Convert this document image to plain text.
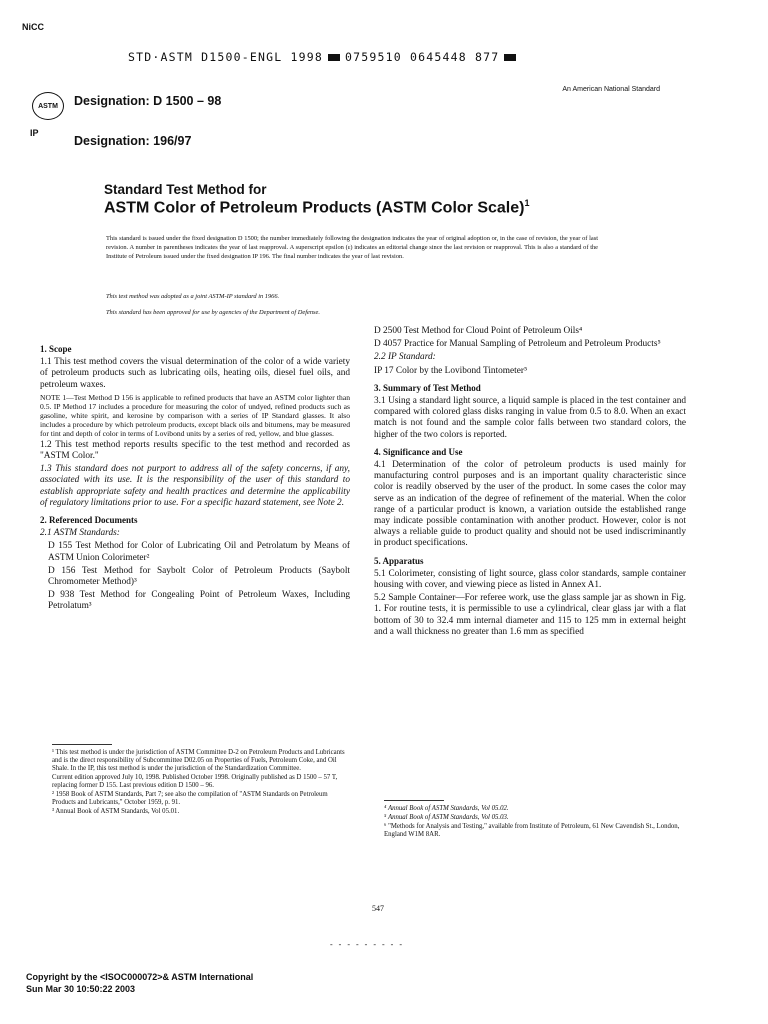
NiCC
STD·ASTM D1500-ENGL 1998 0759510 0645448 877
An American National Standard
ASTM	Designation: D 1500 – 98
IP
Designation: 196/97
Standard Test Method for
ASTM Color of Petroleum Products (ASTM Color Scale)$^1$
This standard is issued under the fixed designation D 1500; the number immediately following the designation indicates the year of original adoption or, in the case of revision, the year of last revision. A number in parentheses indicates the year of last reapproval. A superscript epsilon (ε) indicates an editorial change since the last revision or reapproval. This is also a standard of the Institute of Petroleum issued under the fixed designation IP 196. The final number indicates the year of last revision.
This test method was adopted as a joint ASTM-IP standard in 1966.
This standard has been approved for use by agencies of the Department of Defense.
1. Scope

1.1 This test method covers the visual determination of the color of a wide variety of petroleum products such as lubricating oils, heating oils, diesel fuel oils, and petroleum waxes.

NOTE 1—Test Method D 156 is applicable to refined products that have an ASTM color lighter than 0.5. IP Method 17 includes a procedure for measuring the color of undyed, refined products such as gasoline, white spirit, and kerosine by comparison with a series of IP Standard glasses. It also includes a procedure by which petroleum products, except black oils and bitumens, may be measured for tint and depth of color in terms of Lovibond units by a series of red, yellow, and blue glasses.

1.2 This test method reports results specific to the test method and recorded as "ASTM Color."

1.3 This standard does not purport to address all of the safety concerns, if any, associated with its use. It is the responsibility of the user of this standard to establish appropriate safety and health practices and determine the applicability of regulatory limitations prior to use. For a specific hazard statement, see Note 2.

2. Referenced Documents

2.1 ASTM Standards:

D 155 Test Method for Color of Lubricating Oil and Petrolatum by Means of ASTM Union Colorimeter²

D 156 Test Method for Saybolt Color of Petroleum Products (Saybolt Chromometer Method)³

D 938 Test Method for Congealing Point of Petroleum Waxes, Including Petrolatum³

¹ This test method is under the jurisdiction of ASTM Committee D-2 on Petroleum Products and Lubricants and is the direct responsibility of Subcommittee D02.05 on Properties of Fuels, Petroleum Coke, and Oil Shale. In the IP, this test method is under the jurisdiction of the Standardization Committee.

Current edition approved July 10, 1998. Published October 1998. Originally published as D 1500 – 57 T, replacing former D 155. Last previous edition D 1500 – 96.

² 1958 Book of ASTM Standards, Part 7; see also the compilation of "ASTM Standards on Petroleum Products and Lubricants," October 1959, p. 91.

³ Annual Book of ASTM Standards, Vol 05.01.

D 2500 Test Method for Cloud Point of Petroleum Oils⁴

D 4057 Practice for Manual Sampling of Petroleum and Petroleum Products⁵

2.2 IP Standard:

IP 17 Color by the Lovibond Tintometer⁵

3. Summary of Test Method

3.1 Using a standard light source, a liquid sample is placed in the test container and compared with colored glass disks ranging in value from 0.5 to 8.0. When an exact match is not found and the sample color falls between two standard colors, the higher of the two colors is reported.

4. Significance and Use

4.1 Determination of the color of petroleum products is used mainly for manufacturing control purposes and is an important quality characteristic since color is readily observed by the user of the product. In some cases the color may serve as an indication of the degree of refinement of the material. When the color range of a particular product is known, a variation outside the established range may indicate possible contamination with another product. However, color is not always a reliable guide to product quality and should not be used indiscriminantly in product specifications.

5. Apparatus

5.1 Colorimeter, consisting of light source, glass color standards, sample container housing with cover, and viewing piece as listed in Annex A1.

5.2 Sample Container—For referee work, use the glass sample jar as shown in Fig. 1. For routine tests, it is permissible to use a cylindrical, clear glass jar with a flat bottom of 30 to 32.4 mm internal diameter and 115 to 125 mm in external height and a wall thickness no greater than 1.6 mm as specified

⁴ Annual Book of ASTM Standards, Vol 05.02.

⁵ Annual Book of ASTM Standards, Vol 05.03.

⁶ "Methods for Analysis and Testing," available from Institute of Petroleum, 61 New Cavendish St., London, England W1M 8AR.

547
- - - - - - - - -
Copyright by the <ISOC000072>& ASTM International
Sun Mar 30 10:50:22 2003
